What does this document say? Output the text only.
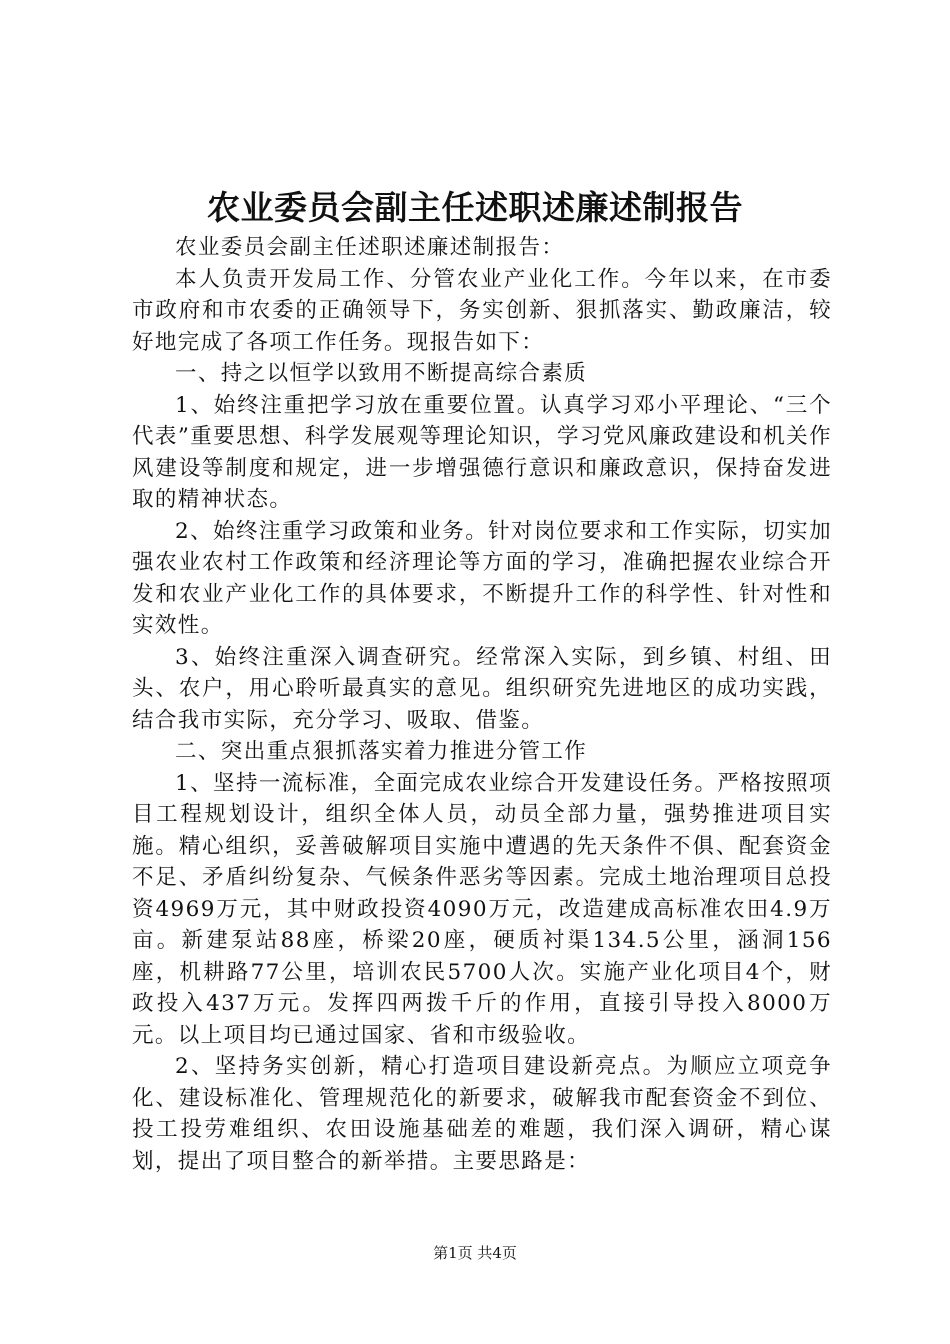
农业委员会副主任述职述廉述制报告

农业委员会副主任述职述廉述制报告：

本人负责开发局工作、分管农业产业化工作。今年以来，在市委市政府和市农委的正确领导下，务实创新、狠抓落实、勤政廉洁，较好地完成了各项工作任务。现报告如下：

一、持之以恒学以致用不断提高综合素质

1、始终注重把学习放在重要位置。认真学习邓小平理论、“三个代表”重要思想、科学发展观等理论知识，学习党风廉政建设和机关作风建设等制度和规定，进一步增强德行意识和廉政意识，保持奋发进取的精神状态。

2、始终注重学习政策和业务。针对岗位要求和工作实际，切实加强农业农村工作政策和经济理论等方面的学习，准确把握农业综合开发和农业产业化工作的具体要求，不断提升工作的科学性、针对性和实效性。

3、始终注重深入调查研究。经常深入实际，到乡镇、村组、田头、农户，用心聆听最真实的意见。组织研究先进地区的成功实践，结合我市实际，充分学习、吸取、借鉴。

二、突出重点狠抓落实着力推进分管工作

1、坚持一流标准，全面完成农业综合开发建设任务。严格按照项目工程规划设计，组织全体人员，动员全部力量，强势推进项目实施。精心组织，妥善破解项目实施中遭遇的先天条件不俱、配套资金不足、矛盾纠纷复杂、气候条件恶劣等因素。完成土地治理项目总投资4969万元，其中财政投资4090万元，改造建成高标准农田4.9万亩。新建泵站88座，桥梁20座，硬质衬渠134.5公里，涵洞156座，机耕路77公里，培训农民5700人次。实施产业化项目4个，财政投入437万元。发挥四两拨千斤的作用，直接引导投入8000万元。以上项目均已通过国家、省和市级验收。

2、坚持务实创新，精心打造项目建设新亮点。为顺应立项竞争化、建设标准化、管理规范化的新要求，破解我市配套资金不到位、投工投劳难组织、农田设施基础差的难题，我们深入调研，精心谋划，提出了项目整合的新举措。主要思路是：

第1页 共4页
